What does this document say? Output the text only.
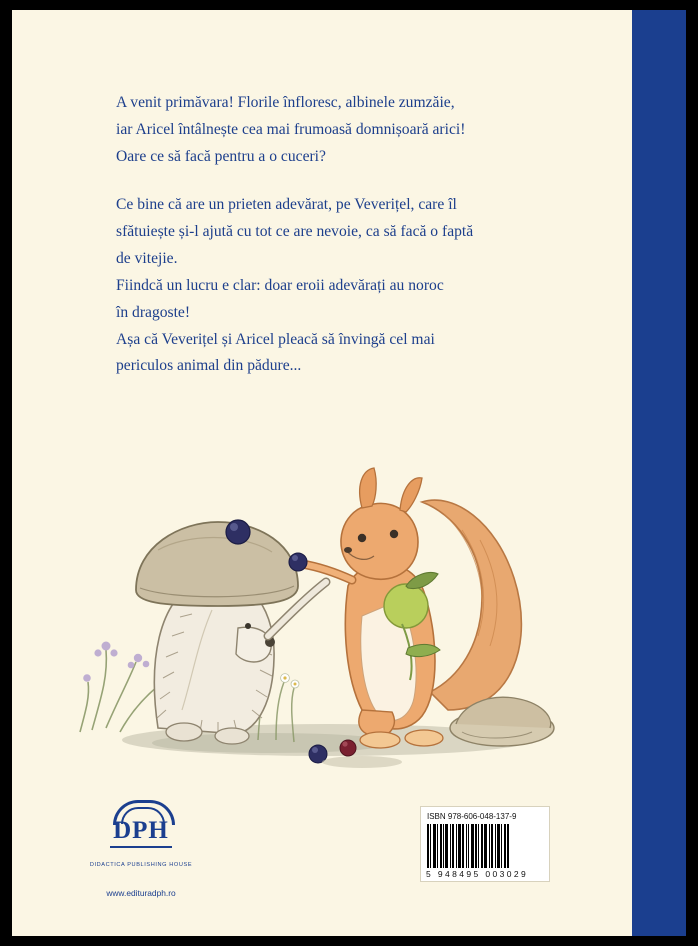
A venit primăvara! Florile înfloresc, albinele zumzăie,
iar Aricel întâlnește cea mai frumoasă domnișoară arici!
Oare ce să facă pentru a o cuceri?

Ce bine că are un prieten adevărat, pe Veverițel, care îl
sfătuiește și-l ajută cu tot ce are nevoie, ca să facă o faptă
de vitejie.
Fiindcă un lucru e clar: doar eroii adevărați au noroc
în dragoste!
Așa că Veverițel și Aricel pleacă să învingă cel mai
periculos animal din pădure...

DPH
DIDACTICA PUBLISHING HOUSE
www.edituradph.ro
ISBN 978-606-048-137-9
5 948495 003029
